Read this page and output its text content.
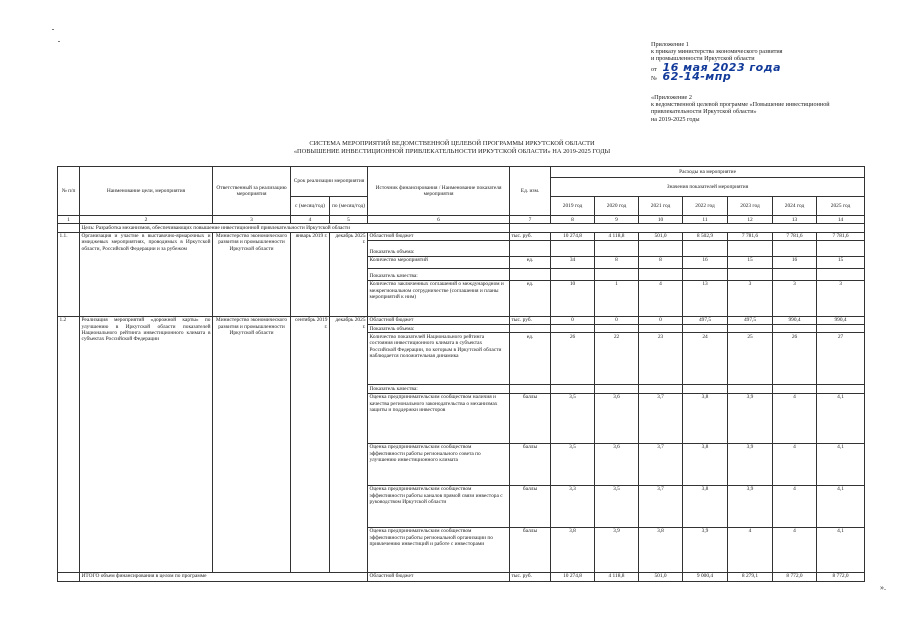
Приложение 1
к приказу министерства экономического развития
и промышленности Иркутской области
от 16 мая 2023 года
№ 62-14-мпр
«Приложение 2
к ведомственной целевой программе «Повышение инвестиционной
привлекательности Иркутской области»
на 2019-2025 годы
СИСТЕМА МЕРОПРИЯТИЙ ВЕДОМСТВЕННОЙ ЦЕЛЕВОЙ ПРОГРАММЫ ИРКУТСКОЙ ОБЛАСТИ
«ПОВЫШЕНИЕ ИНВЕСТИЦИОННОЙ ПРИВЛЕКАТЕЛЬНОСТИ ИРКУТСКОЙ ОБЛАСТИ» НА 2019-2025 ГОДЫ
№ п/п	Наименование цели, мероприятия	Ответственный за реализацию мероприятия	Срок реализации мероприятия		Источник финансирования / Наименование показателя мероприятия	Ед. изм.	Расходы на мероприятие						
							Значения показателей мероприятия						
			с (месяц/год)	по (месяц/год)			2019 год	2020 год	2021 год	2022 год	2023 год	2024 год	2025 год
1	2	3	4	5	6	7	8	9	10	11	12	13	14
	Цель: Разработка механизмов, обеспечивающих повышение инвестиционной привлекательности Иркутской области												
1.1.	Организация и участие в выставочно-ярмарочных и имиджевых мероприятиях, проводимых в Иркутской области, Российской Федерации и за рубежом	Министерство экономического развития и промышленности Иркутской области	январь 2019 г.	декабрь 2025 г.	Областной бюджет	тыс. руб.	10 274,8	4 118,8	501,0	8 502,9	7 781,6	7 781,6	7 781,6
					Показатель объема:								
					Количество мероприятий	ед.	34	8	8	16	15	16	15
					Показатель качества:								
					Количество заключенных соглашений о международном и межрегиональном сотрудничестве (соглашения и планы мероприятий к ним)	ед.	10	1	4	13	3	3	3
1.2	Реализация мероприятий «дорожной карты» по улучшению в Иркутской области показателей Национального рейтинга инвестиционного климата в субъектах Российской Федерации	Министерство экономического развития и промышленности Иркутской области	сентябрь 2019 г.	декабрь 2025 г.	Областной бюджет	тыс. руб.	0	0	0	497,5	497,5	990,4	990,4
					Показатель объема:								
					Количество показателей Национального рейтинга состояния инвестиционного климата в субъектах Российской Федерации, по которым в Иркутской области наблюдается положительная динамика	ед.	26	22	23	24	25	26	27
					Показатель качества:								
					Оценка предпринимательским сообществом наличия и качества регионального законодательства о механизмах защиты и поддержки инвесторов	баллы	3,5	3,6	3,7	3,8	3,9	4	4,1
					Оценка предпринимательским сообществом эффективности работы регионального совета по улучшению инвестиционного климата	баллы	3,5	3,6	3,7	3,8	3,9	4	4,1
					Оценка предпринимательским сообществом эффективности работы каналов прямой связи инвестора с руководством Иркутской области	баллы	3,3	3,5	3,7	3,8	3,9	4	4,1
					Оценка предпринимательским сообществом эффективности работы региональной организации по привлечению инвестиций и работе с инвесторами	баллы	3,8	3,9	3,8	3,9	4	4	4,1
	ИТОГО объем финансирования в целом по программе				Областной бюджет	тыс. руб.	10 274,8	4 118,8	501,0	9 000,4	8 279,1	8 772,0	8 772,0
».
